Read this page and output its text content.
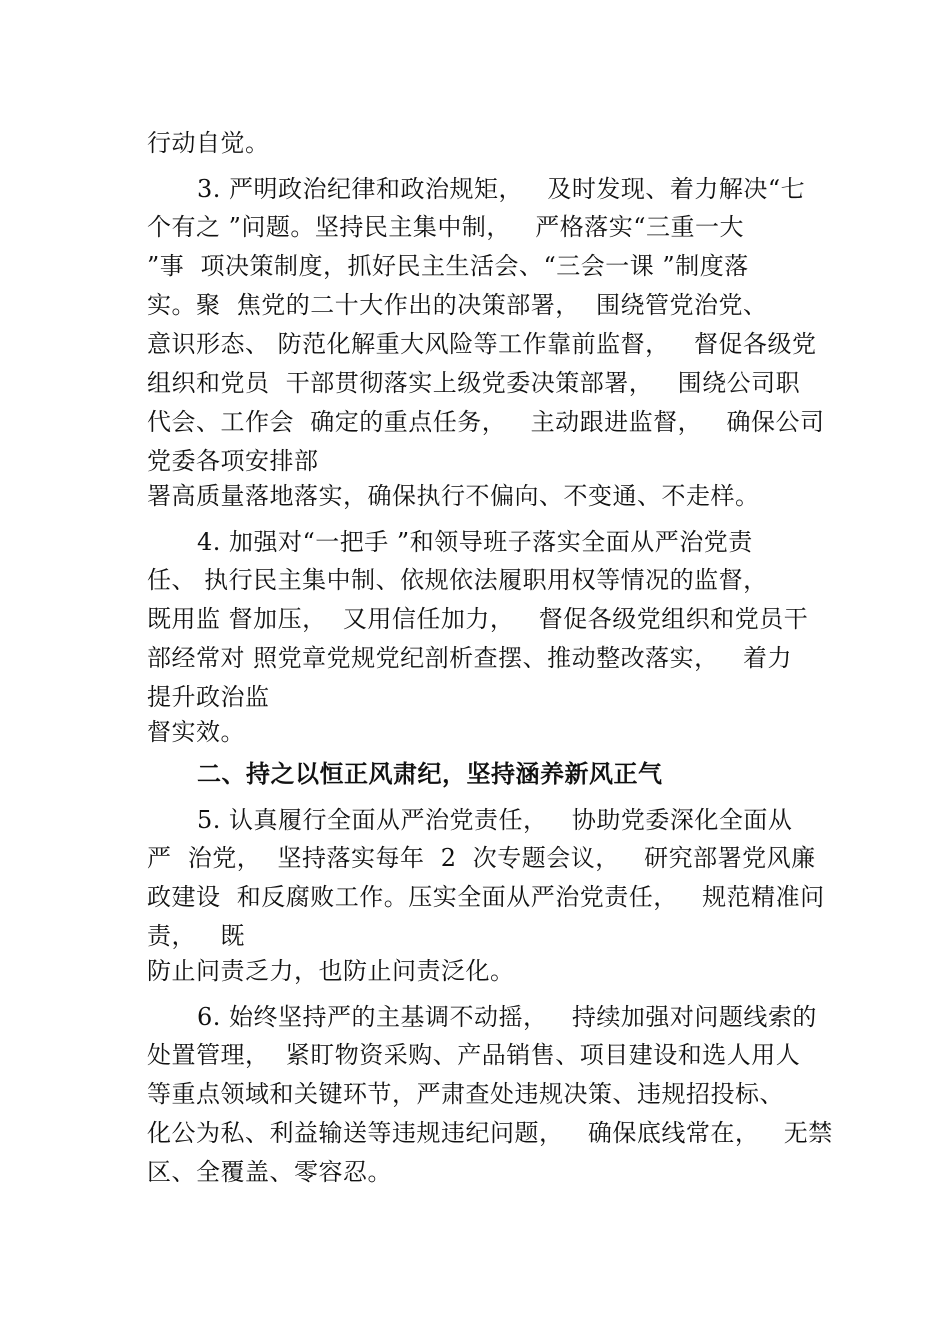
行动自觉。

3. 严明政治纪律和政治规矩，   及时发现、着力解决“七

个有之 ”问题。坚持民主集中制，   严格落实“三重一大

”事  项决策制度，抓好民主生活会、“三会一课 ”制度落

实。聚  焦党的二十大作出的决策部署，  围绕管党治党、

意识形态、 防范化解重大风险等工作靠前监督，   督促各级党

组织和党员  干部贯彻落实上级党委决策部署，   围绕公司职

代会、工作会  确定的重点任务，   主动跟进监督，   确保公司

党委各项安排部

署高质量落地落实，确保执行不偏向、不变通、不走样。

4. 加强对“一把手 ”和领导班子落实全面从严治党责

任、 执行民主集中制、依规依法履职用权等情况的监督，

既用监 督加压，  又用信任加力，   督促各级党组织和党员干

部经常对 照党章党规党纪剖析查摆、推动整改落实，   着力

提升政治监

督实效。

二、持之以恒正风肃纪，坚持涵养新风正气

5. 认真履行全面从严治党责任，   协助党委深化全面从

严  治党，  坚持落实每年  2  次专题会议，   研究部署党风廉

政建设  和反腐败工作。压实全面从严治党责任，   规范精准问

责，   既

防止问责乏力，也防止问责泛化。

6. 始终坚持严的主基调不动摇，   持续加强对问题线索的

处置管理，  紧盯物资采购、产品销售、项目建设和选人用人

等重点领域和关键环节，严肃查处违规决策、违规招投标、

化公为私、利益输送等违规违纪问题，   确保底线常在，   无禁

区、全覆盖、零容忍。
